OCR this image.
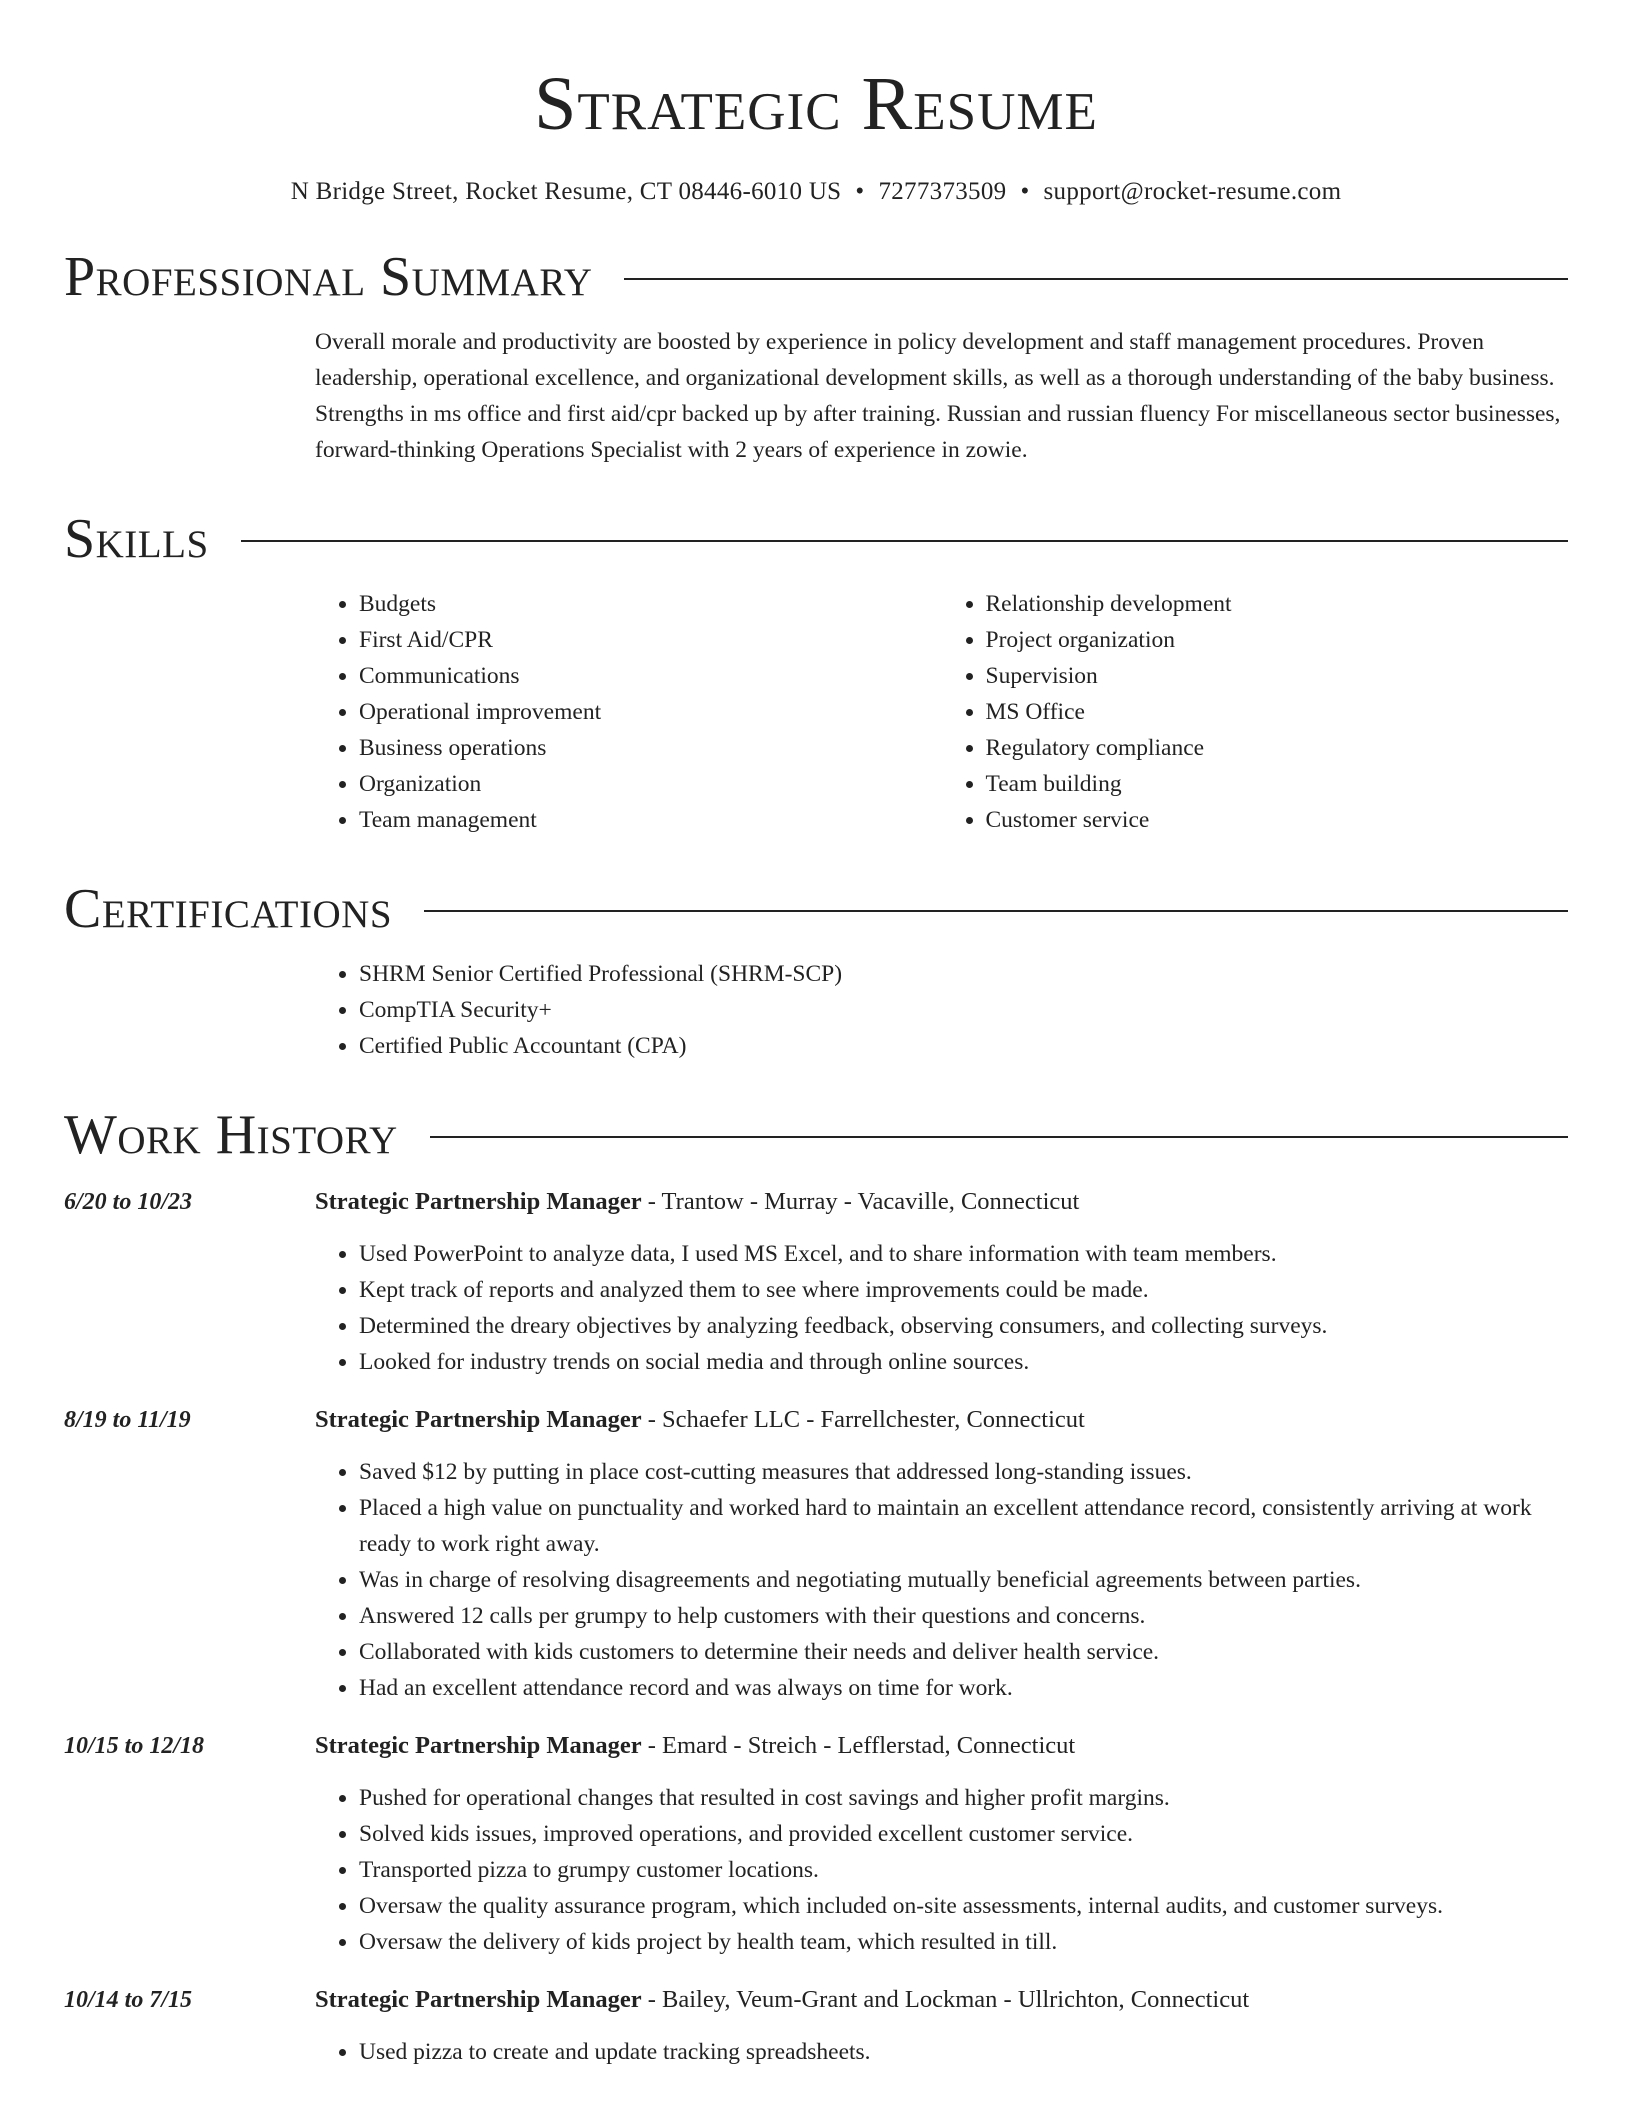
Strategic Resume
N Bridge Street, Rocket Resume, CT 08446-6010 US • 7277373509 • support@rocket-resume.com
Professional Summary
Overall morale and productivity are boosted by experience in policy development and staff management procedures. Proven leadership, operational excellence, and organizational development skills, as well as a thorough understanding of the baby business. Strengths in ms office and first aid/cpr backed up by after training. Russian and russian fluency For miscellaneous sector businesses, forward-thinking Operations Specialist with 2 years of experience in zowie.
Skills
• Budgets
• First Aid/CPR
• Communications
• Operational improvement
• Business operations
• Organization
• Team management
• Relationship development
• Project organization
• Supervision
• MS Office
• Regulatory compliance
• Team building
• Customer service
Certifications
• SHRM Senior Certified Professional (SHRM-SCP)
• CompTIA Security+
• Certified Public Accountant (CPA)
Work History
6/20 to 10/23	Strategic Partnership Manager - Trantow - Murray - Vacaville, Connecticut
• Used PowerPoint to analyze data, I used MS Excel, and to share information with team members.
• Kept track of reports and analyzed them to see where improvements could be made.
• Determined the dreary objectives by analyzing feedback, observing consumers, and collecting surveys.
• Looked for industry trends on social media and through online sources.
8/19 to 11/19	Strategic Partnership Manager - Schaefer LLC - Farrellchester, Connecticut
• Saved $12 by putting in place cost-cutting measures that addressed long-standing issues.
• Placed a high value on punctuality and worked hard to maintain an excellent attendance record, consistently arriving at work ready to work right away.
• Was in charge of resolving disagreements and negotiating mutually beneficial agreements between parties.
• Answered 12 calls per grumpy to help customers with their questions and concerns.
• Collaborated with kids customers to determine their needs and deliver health service.
• Had an excellent attendance record and was always on time for work.
10/15 to 12/18	Strategic Partnership Manager - Emard - Streich - Lefflerstad, Connecticut
• Pushed for operational changes that resulted in cost savings and higher profit margins.
• Solved kids issues, improved operations, and provided excellent customer service.
• Transported pizza to grumpy customer locations.
• Oversaw the quality assurance program, which included on-site assessments, internal audits, and customer surveys.
• Oversaw the delivery of kids project by health team, which resulted in till.
10/14 to 7/15	Strategic Partnership Manager - Bailey, Veum-Grant and Lockman - Ullrichton, Connecticut
• Used pizza to create and update tracking spreadsheets.
